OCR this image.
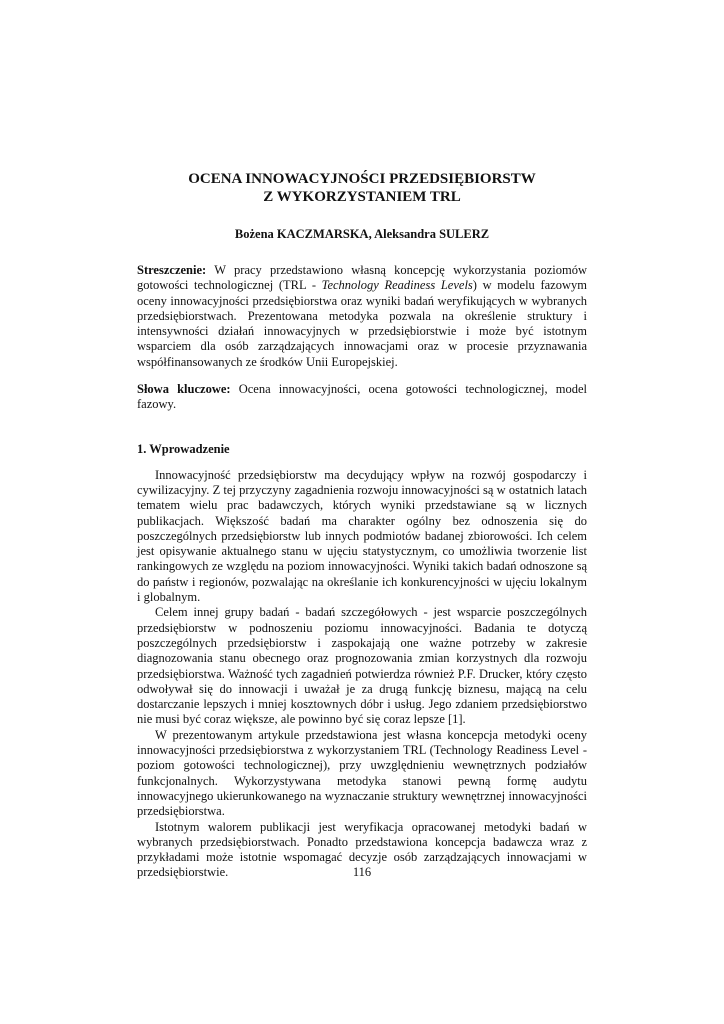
OCENA INNOWACYJNOŚCI PRZEDSIĘBIORSTW
Z WYKORZYSTANIEM TRL
Bożena KACZMARSKA, Aleksandra SULERZ
Streszczenie: W pracy przedstawiono własną koncepcję wykorzystania poziomów gotowości technologicznej (TRL - Technology Readiness Levels) w modelu fazowym oceny innowacyjności przedsiębiorstwa oraz wyniki badań weryfikujących w wybranych przedsiębiorstwach. Prezentowana metodyka pozwala na określenie struktury i intensywności działań innowacyjnych w przedsiębiorstwie i może być istotnym wsparciem dla osób zarządzających innowacjami oraz w procesie przyznawania współfinansowanych ze środków Unii Europejskiej.
Słowa kluczowe: Ocena innowacyjności, ocena gotowości technologicznej, model fazowy.
1. Wprowadzenie

Innowacyjność przedsiębiorstw ma decydujący wpływ na rozwój gospodarczy i cywilizacyjny. Z tej przyczyny zagadnienia rozwoju innowacyjności są w ostatnich latach tematem wielu prac badawczych, których wyniki przedstawiane są w licznych publikacjach. Większość badań ma charakter ogólny bez odnoszenia się do poszczególnych przedsiębiorstw lub innych podmiotów badanej zbiorowości. Ich celem jest opisywanie aktualnego stanu w ujęciu statystycznym, co umożliwia tworzenie list rankingowych ze względu na poziom innowacyjności. Wyniki takich badań odnoszone są do państw i regionów, pozwalając na określanie ich konkurencyjności w ujęciu lokalnym i globalnym.

Celem innej grupy badań - badań szczegółowych - jest wsparcie poszczególnych przedsiębiorstw w podnoszeniu poziomu innowacyjności. Badania te dotyczą poszczególnych przedsiębiorstw i zaspokajają one ważne potrzeby w zakresie diagnozowania stanu obecnego oraz prognozowania zmian korzystnych dla rozwoju przedsiębiorstwa. Ważność tych zagadnień potwierdza również P.F. Drucker, który często odwoływał się do innowacji i uważał je za drugą funkcję biznesu, mającą na celu dostarczanie lepszych i mniej kosztownych dóbr i usług. Jego zdaniem przedsiębiorstwo nie musi być coraz większe, ale powinno być się coraz lepsze [1].

W prezentowanym artykule przedstawiona jest własna koncepcja metodyki oceny innowacyjności przedsiębiorstwa z wykorzystaniem TRL (Technology Readiness Level - poziom gotowości technologicznej), przy uwzględnieniu wewnętrznych podziałów funkcjonalnych. Wykorzystywana metodyka stanowi pewną formę audytu innowacyjnego ukierunkowanego na wyznaczanie struktury wewnętrznej innowacyjności przedsiębiorstwa.

Istotnym walorem publikacji jest weryfikacja opracowanej metodyki badań w wybranych przedsiębiorstwach. Ponadto przedstawiona koncepcja badawcza wraz z przykładami może istotnie wspomagać decyzje osób zarządzających innowacjami w przedsiębiorstwie.	116
